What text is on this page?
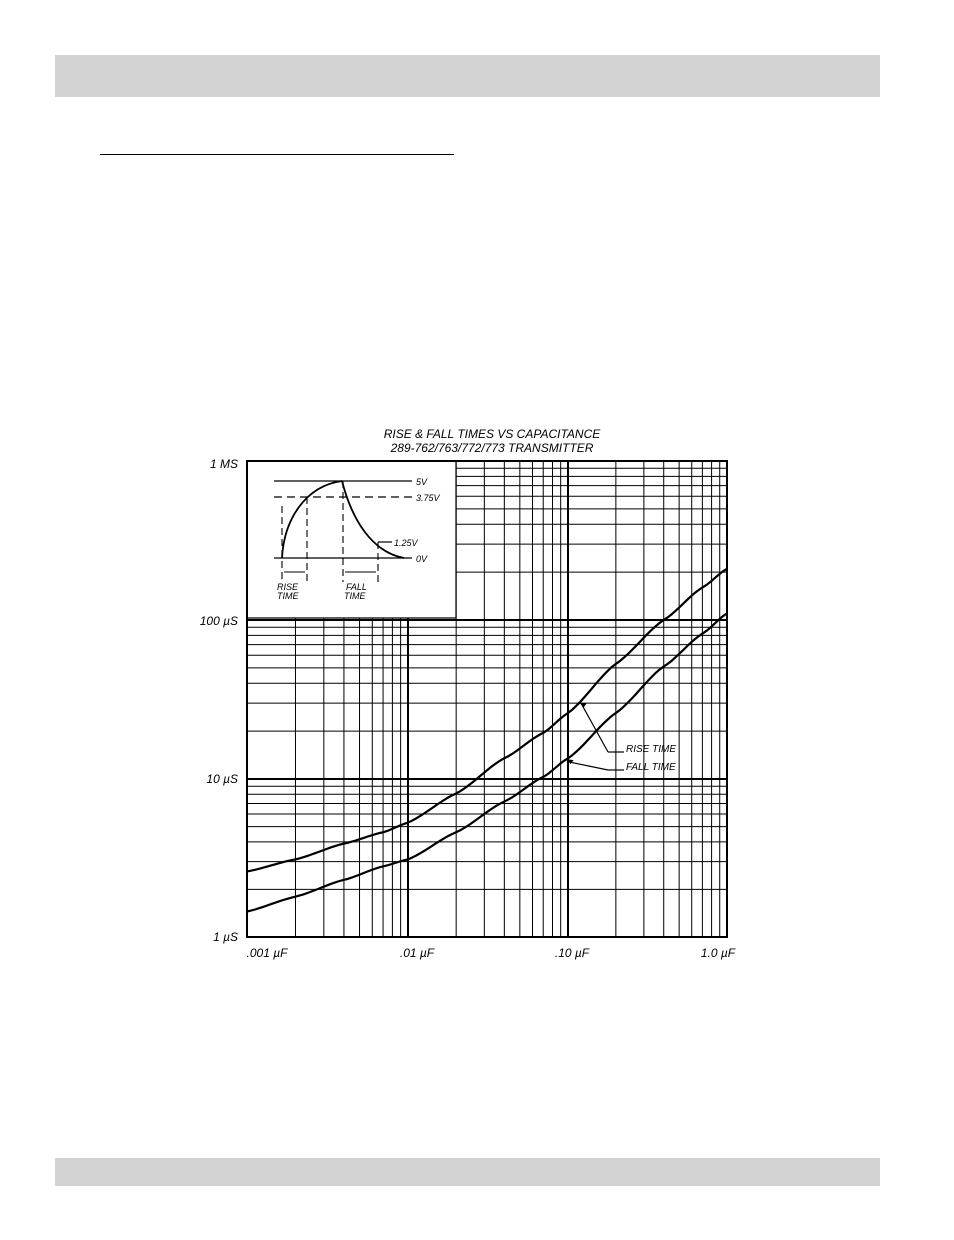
RISE & FALL TIMES VS CAPACITANCE
289-762/763/772/773 TRANSMITTER
5V
3.75V
1.25V
0V
RISE
TIME
FALL
TIME
RISE TIME
FALL TIME
1 MS
100 µS
10 µS
1 µS
.001 µF	.01 µF	.10 µF	1.0 µF
